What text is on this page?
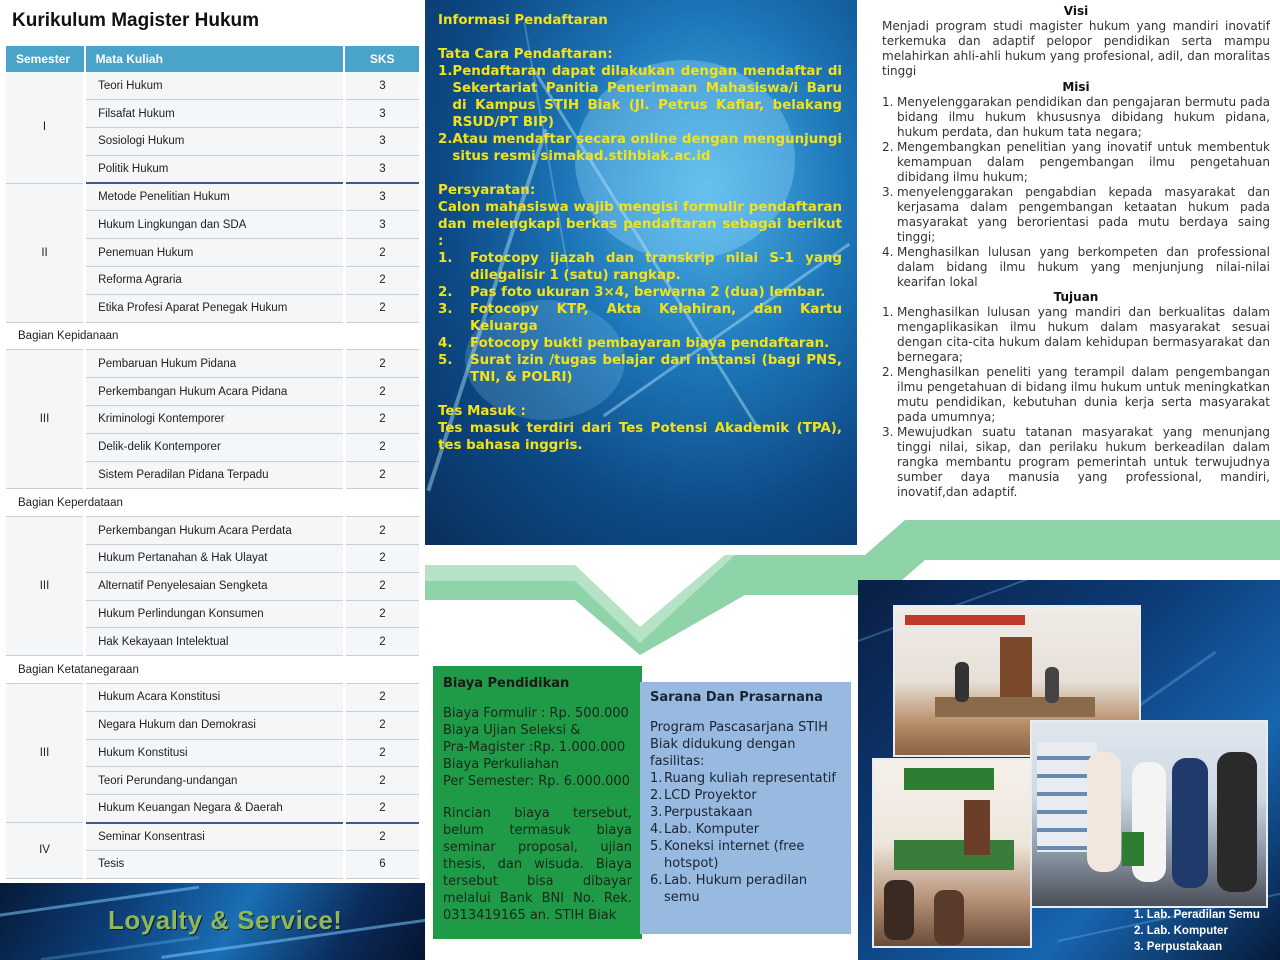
Kurikulum Magister Hukum
Semester	Mata Kuliah	SKS
I	Teori Hukum	3
	Filsafat Hukum	3
	Sosiologi Hukum	3
	Politik Hukum	3
II	Metode Penelitian Hukum	3
	Hukum Lingkungan dan SDA	3
	Penemuan Hukum	2
	Reforma Agraria	2
	Etika Profesi Aparat Penegak Hukum	2
Bagian Kepidanaan		
III	Pembaruan Hukum Pidana	2
	Perkembangan Hukum Acara Pidana	2
	Kriminologi Kontemporer	2
	Delik-delik Kontemporer	2
	Sistem Peradilan Pidana Terpadu	2
Bagian Keperdataan		
III	Perkembangan Hukum Acara Perdata	2
	Hukum Pertanahan & Hak Ulayat	2
	Alternatif Penyelesaian Sengketa	2
	Hukum Perlindungan Konsumen	2
	Hak Kekayaan Intelektual	2
Bagian Ketatanegaraan		
III	Hukum Acara Konstitusi	2
	Negara Hukum dan Demokrasi	2
	Hukum Konstitusi	2
	Teori Perundang-undangan	2
	Hukum Keuangan Negara & Daerah	2
IV	Seminar Konsentrasi	2
	Tesis	6
Loyalty & Service!
Informasi Pendaftaran
Tata Cara Pendaftaran:
1. Pendaftaran dapat dilakukan dengan mendaftar di Sekertariat Panitia Penerimaan Mahasiswa/i Baru di Kampus STIH Biak (Jl. Petrus Kafiar, belakang RSUD/PT BIP)
2. Atau mendaftar secara online dengan mengunjungi situs resmi simakad.stihbiak.ac.id
Persyaratan:
Calon mahasiswa wajib mengisi formulir pendaftaran dan melengkapi berkas pendaftaran sebagai berikut :
1.	Fotocopy ijazah dan transkrip nilai S-1 yang dilegalisir 1 (satu) rangkap.
2.	Pas foto ukuran 3×4, berwarna 2 (dua) lembar.
3.	Fotocopy KTP, Akta Kelahiran, dan Kartu Keluarga
4.	Fotocopy bukti pembayaran biaya pendaftaran.
5.	Surat izin /tugas belajar dari instansi (bagi PNS, TNI, & POLRI)
Tes Masuk :
Tes masuk terdiri dari Tes Potensi Akademik (TPA), tes bahasa inggris.
Biaya Pendidikan
Biaya Formulir : Rp. 500.000
Biaya Ujian Seleksi &
Pra-Magister :Rp. 1.000.000
Biaya Perkuliahan
Per Semester: Rp. 6.000.000
Rincian biaya tersebut, belum termasuk biaya seminar proposal, ujian thesis, dan wisuda. Biaya tersebut bisa dibayar melalui Bank BNI No. Rek. 0313419165 an. STIH Biak
Sarana Dan Prasarnana
Program Pascasarjana STIH Biak didukung dengan fasilitas:
1. Ruang kuliah representatif
2. LCD Proyektor
3. Perpustakaan
4. Lab. Komputer
5. Koneksi internet (free hotspot)
6. Lab. Hukum peradilan semu
Visi
Menjadi program studi magister hukum yang mandiri inovatif terkemuka dan adaptif pelopor pendidikan serta mampu melahirkan ahli-ahli hukum yang profesional, adil, dan moralitas tinggi
Misi
1. Menyelenggarakan pendidikan dan pengajaran bermutu pada bidang ilmu hukum khususnya dibidang hukum pidana, hukum perdata, dan hukum tata negara;
2. Mengembangkan penelitian yang inovatif untuk membentuk kemampuan dalam pengembangan ilmu pengetahuan dibidang ilmu hukum;
3. menyelenggarakan pengabdian kepada masyarakat dan kerjasama dalam pengembangan ketaatan hukum pada masyarakat yang berorientasi pada mutu berdaya saing tinggi;
4. Menghasilkan lulusan yang berkompeten dan professional dalam bidang ilmu hukum yang menjunjung nilai-nilai kearifan lokal
Tujuan
1. Menghasilkan lulusan yang mandiri dan berkualitas dalam mengaplikasikan ilmu hukum dalam masyarakat sesuai dengan cita-cita hukum dalam kehidupan bermasyarakat dan bernegara;
2. Menghasilkan peneliti yang terampil dalam pengembangan ilmu pengetahuan di bidang ilmu hukum untuk meningkatkan mutu pendidikan, kebutuhan dunia kerja serta masyarakat pada umumnya;
3. Mewujudkan suatu tatanan masyarakat yang menunjang tinggi nilai, sikap, dan perilaku hukum berkeadilan dalam rangka membantu program pemerintah untuk terwujudnya sumber daya manusia yang professional, mandiri, inovatif,dan adaptif.
1. Lab. Peradilan Semu
2. Lab. Komputer
3. Perpustakaan
